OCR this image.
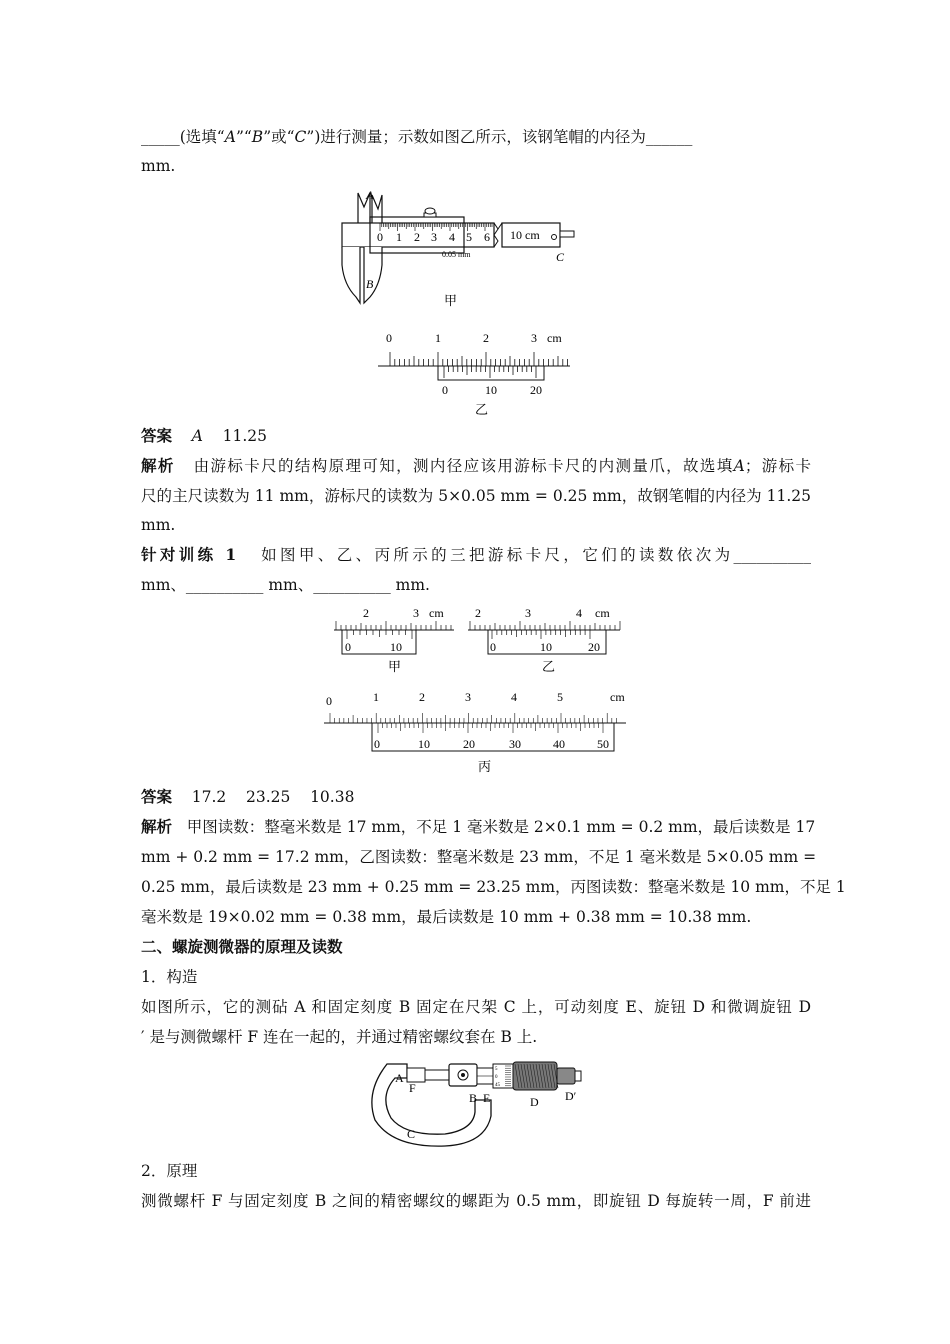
_____(选填“A”“B”或“C”)进行测量；示数如图乙所示，该钢笔帽的内径为______
mm.
0 1 2 3 4 5 6
0.05 mm
10 cm
A
B
C
甲
0	1	2	3 cm
0	10	20
乙
答案 A 11.25
解析 由游标卡尺的结构原理可知，测内径应该用游标卡尺的内测量爪，故选填A；游标卡
尺的主尺读数为 11 mm，游标尺的读数为 5×0.05 mm = 0.25 mm，故钢笔帽的内径为 11.25
mm.
针对训练 1 如图甲、乙、丙所示的三把游标卡尺，它们的读数依次为__________
mm、__________ mm、__________ mm.
2	3 cm
0	10
甲
2	3	4 cm
0	10	20
乙
0	1	2	3	4	5	cm
0	10	20	30	40	50
丙
答案 17.2 23.25 10.38
解析 甲图读数：整毫米数是 17 mm，不足 1 毫米数是 2×0.1 mm = 0.2 mm，最后读数是 17
mm + 0.2 mm = 17.2 mm，乙图读数：整毫米数是 23 mm，不足 1 毫米数是 5×0.05 mm =
0.25 mm，最后读数是 23 mm + 0.25 mm = 23.25 mm，丙图读数：整毫米数是 10 mm，不足 1
毫米数是 19×0.02 mm = 0.38 mm，最后读数是 10 mm + 0.38 mm = 10.38 mm.
二、螺旋测微器的原理及读数
1．构造
如图所示，它的测砧 A 和固定刻度 B 固定在尺架 C 上，可动刻度 E、旋钮 D 和微调旋钮 D
′ 是与测微螺杆 F 连在一起的，并通过精密螺纹套在 B 上.
5
0
45
A
F
B E	D D′
C
2．原理
测微螺杆 F 与固定刻度 B 之间的精密螺纹的螺距为 0.5 mm，即旋钮 D 每旋转一周，F 前进
